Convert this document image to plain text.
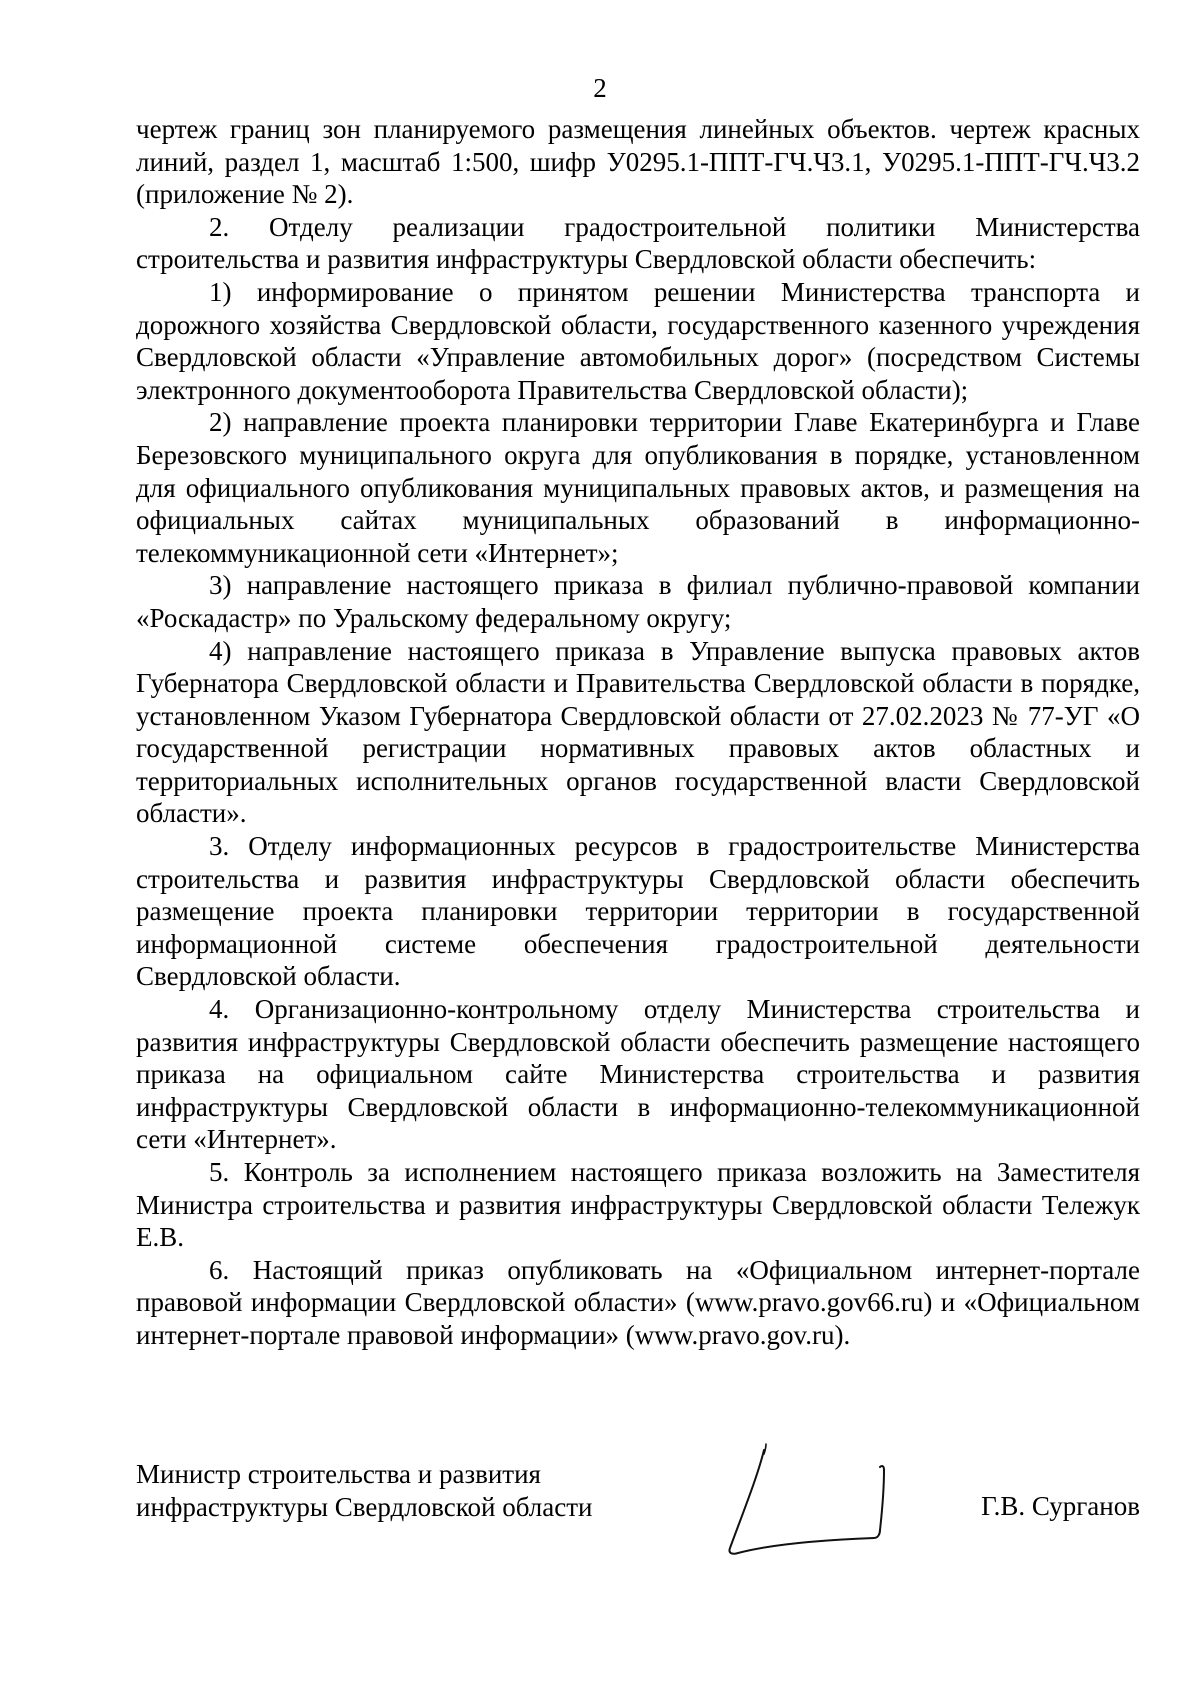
2

чертеж границ зон планируемого размещения линейных объектов. чертеж красных линий, раздел 1, масштаб 1:500, шифр У0295.1-ППТ-ГЧ.Ч3.1, У0295.1-ППТ-ГЧ.Ч3.2 (приложение № 2).

2. Отделу реализации градостроительной политики Министерства строительства и развития инфраструктуры Свердловской области обеспечить:

1) информирование о принятом решении Министерства транспорта и дорожного хозяйства Свердловской области, государственного казенного учреждения Свердловской области «Управление автомобильных дорог» (посредством Системы электронного документооборота Правительства Свердловской области);

2) направление проекта планировки территории Главе Екатеринбурга и Главе Березовского муниципального округа для опубликования в порядке, установленном для официального опубликования муниципальных правовых актов, и размещения на официальных сайтах муниципальных образований в информационно-телекоммуникационной сети «Интернет»;

3) направление настоящего приказа в филиал публично-правовой компании «Роскадастр» по Уральскому федеральному округу;

4) направление настоящего приказа в Управление выпуска правовых актов Губернатора Свердловской области и Правительства Свердловской области в порядке, установленном Указом Губернатора Свердловской области от 27.02.2023 № 77-УГ «О государственной регистрации нормативных правовых актов областных и территориальных исполнительных органов государственной власти Свердловской области».

3. Отделу информационных ресурсов в градостроительстве Министерства строительства и развития инфраструктуры Свердловской области обеспечить размещение проекта планировки территории территории в государственной информационной системе обеспечения градостроительной деятельности Свердловской области.

4. Организационно-контрольному отделу Министерства строительства и развития инфраструктуры Свердловской области обеспечить размещение настоящего приказа на официальном сайте Министерства строительства и развития инфраструктуры Свердловской области в информационно-телекоммуникационной сети «Интернет».

5. Контроль за исполнением настоящего приказа возложить на Заместителя Министра строительства и развития инфраструктуры Свердловской области Тележук Е.В.

6. Настоящий приказ опубликовать на «Официальном интернет-портале правовой информации Свердловской области» (www.pravo.gov66.ru) и «Официальном интернет-портале правовой информации» (www.pravo.gov.ru).

Министр строительства и развития
инфраструктуры Свердловской области	Г.В. Сурганов
